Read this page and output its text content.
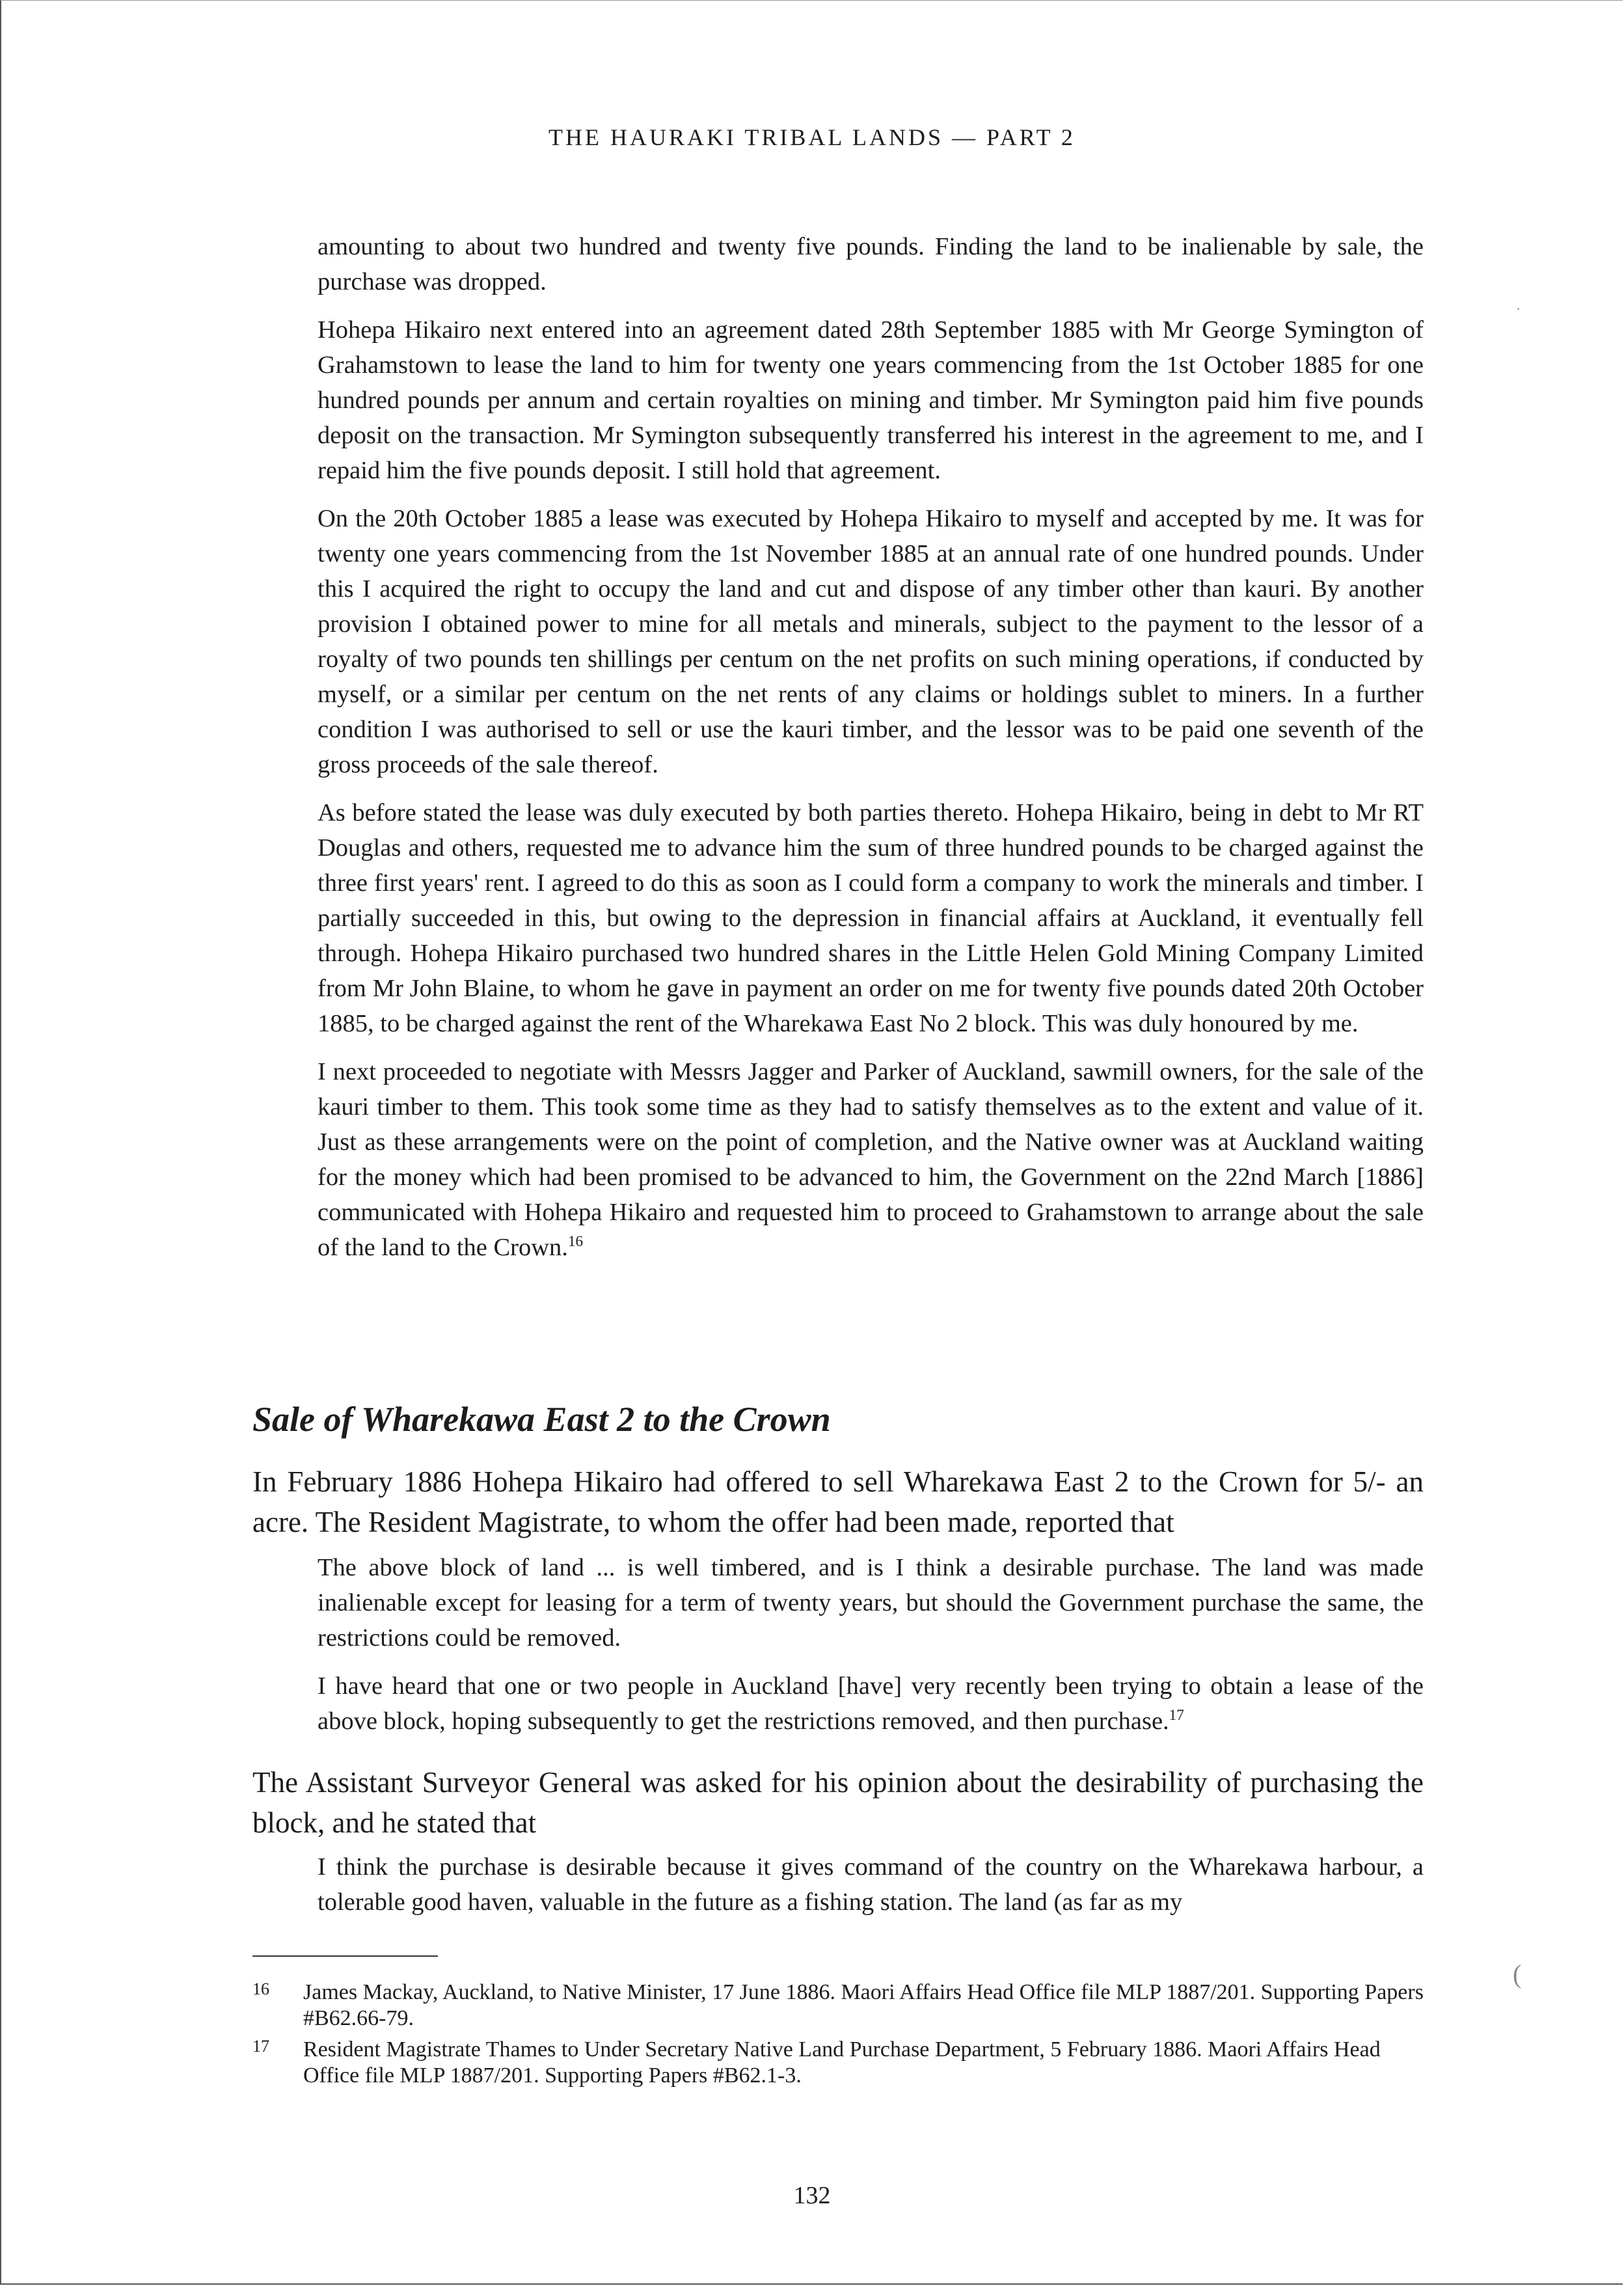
THE HAURAKI TRIBAL LANDS — PART 2

amounting to about two hundred and twenty five pounds. Finding the land to be inalienable by sale, the purchase was dropped.

Hohepa Hikairo next entered into an agreement dated 28th September 1885 with Mr George Symington of Grahamstown to lease the land to him for twenty one years commencing from the 1st October 1885 for one hundred pounds per annum and certain royalties on mining and timber. Mr Symington paid him five pounds deposit on the transaction. Mr Symington subsequently transferred his interest in the agreement to me, and I repaid him the five pounds deposit. I still hold that agreement.

On the 20th October 1885 a lease was executed by Hohepa Hikairo to myself and accepted by me. It was for twenty one years commencing from the 1st November 1885 at an annual rate of one hundred pounds. Under this I acquired the right to occupy the land and cut and dispose of any timber other than kauri. By another provision I obtained power to mine for all metals and minerals, subject to the payment to the lessor of a royalty of two pounds ten shillings per centum on the net profits on such mining operations, if conducted by myself, or a similar per centum on the net rents of any claims or holdings sublet to miners. In a further condition I was authorised to sell or use the kauri timber, and the lessor was to be paid one seventh of the gross proceeds of the sale thereof.

As before stated the lease was duly executed by both parties thereto. Hohepa Hikairo, being in debt to Mr RT Douglas and others, requested me to advance him the sum of three hundred pounds to be charged against the three first years' rent. I agreed to do this as soon as I could form a company to work the minerals and timber. I partially succeeded in this, but owing to the depression in financial affairs at Auckland, it eventually fell through. Hohepa Hikairo purchased two hundred shares in the Little Helen Gold Mining Company Limited from Mr John Blaine, to whom he gave in payment an order on me for twenty five pounds dated 20th October 1885, to be charged against the rent of the Wharekawa East No 2 block. This was duly honoured by me.

I next proceeded to negotiate with Messrs Jagger and Parker of Auckland, sawmill owners, for the sale of the kauri timber to them. This took some time as they had to satisfy themselves as to the extent and value of it. Just as these arrangements were on the point of completion, and the Native owner was at Auckland waiting for the money which had been promised to be advanced to him, the Government on the 22nd March [1886] communicated with Hohepa Hikairo and requested him to proceed to Grahamstown to arrange about the sale of the land to the Crown.$^{16}$

Sale of Wharekawa East 2 to the Crown

In February 1886 Hohepa Hikairo had offered to sell Wharekawa East 2 to the Crown for 5/- an acre. The Resident Magistrate, to whom the offer had been made, reported that

The above block of land ... is well timbered, and is I think a desirable purchase. The land was made inalienable except for leasing for a term of twenty years, but should the Government purchase the same, the restrictions could be removed.

I have heard that one or two people in Auckland [have] very recently been trying to obtain a lease of the above block, hoping subsequently to get the restrictions removed, and then purchase.$^{17}$

The Assistant Surveyor General was asked for his opinion about the desirability of purchasing the block, and he stated that

I think the purchase is desirable because it gives command of the country on the Wharekawa harbour, a tolerable good haven, valuable in the future as a fishing station. The land (as far as my

16	James Mackay, Auckland, to Native Minister, 17 June 1886. Maori Affairs Head Office file MLP 1887/201. Supporting Papers #B62.66-79.
17	Resident Magistrate Thames to Under Secretary Native Land Purchase Department, 5 February 1886. Maori Affairs Head Office file MLP 1887/201. Supporting Papers #B62.1-3.
132
·
(
